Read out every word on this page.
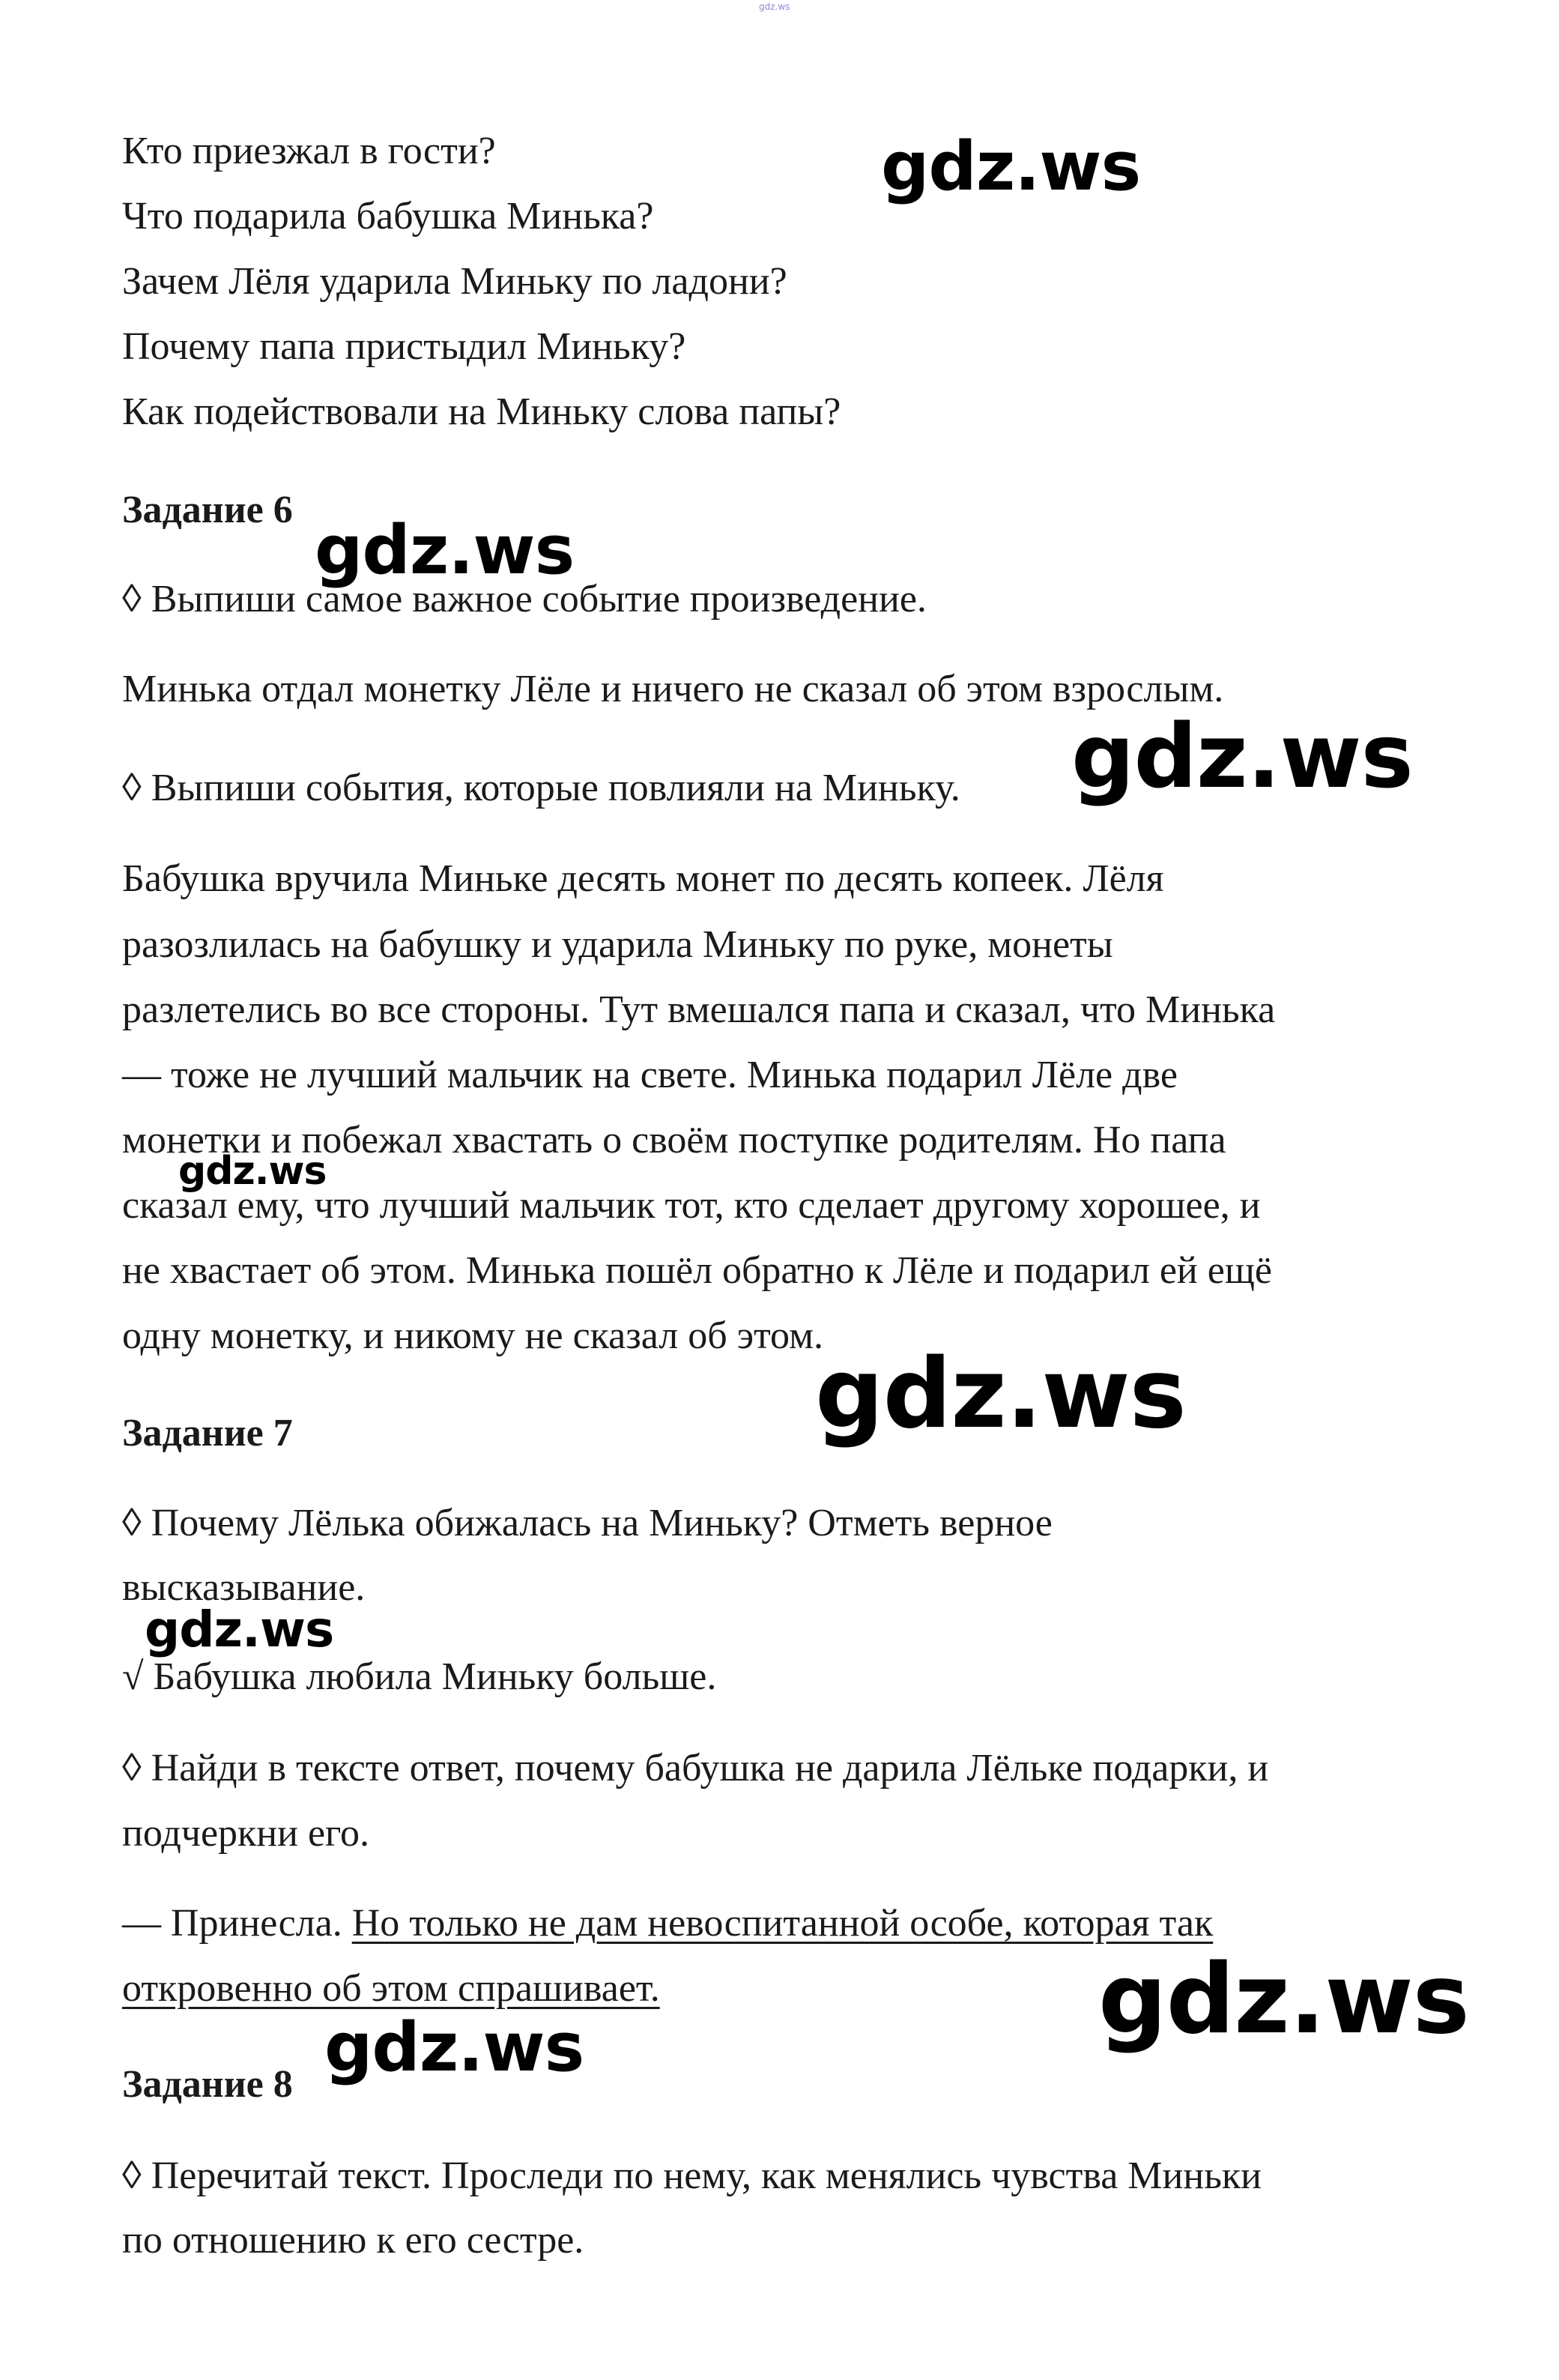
gdz.ws
Кто приезжал в гости?
Что подарила бабушка Минька?
Зачем Лёля ударила Миньку по ладони?
Почему папа пристыдил Миньку?
Как подействовали на Миньку слова папы?
Задание 6
◊ Выпиши самое важное событие произведение.
Минька отдал монетку Лёле и ничего не сказал об этом взрослым.
◊ Выпиши события, которые повлияли на Миньку.
Бабушка вручила Миньке десять монет по десять копеек. Лёля
разозлилась на бабушку и ударила Миньку по руке, монеты
разлетелись во все стороны. Тут вмешался папа и сказал, что Минька
— тоже не лучший мальчик на свете. Минька подарил Лёле две
монетки и побежал хвастать о своём поступке родителям. Но папа
сказал ему, что лучший мальчик тот, кто сделает другому хорошее, и
не хвастает об этом. Минька пошёл обратно к Лёле и подарил ей ещё
одну монетку, и никому не сказал об этом.
Задание 7
◊ Почему Лёлька обижалась на Миньку? Отметь верное
высказывание.
√ Бабушка любила Миньку больше.
◊ Найди в тексте ответ, почему бабушка не дарила Лёльке подарки, и
подчеркни его.
— Принесла. Но только не дам невоспитанной особе, которая так
откровенно об этом спрашивает.
Задание 8
◊ Перечитай текст. Проследи по нему, как менялись чувства Миньки
по отношению к его сестре.
gdz.ws
gdz.ws
gdz.ws
gdz.ws
gdz.ws
gdz.ws
gdz.ws
gdz.ws
